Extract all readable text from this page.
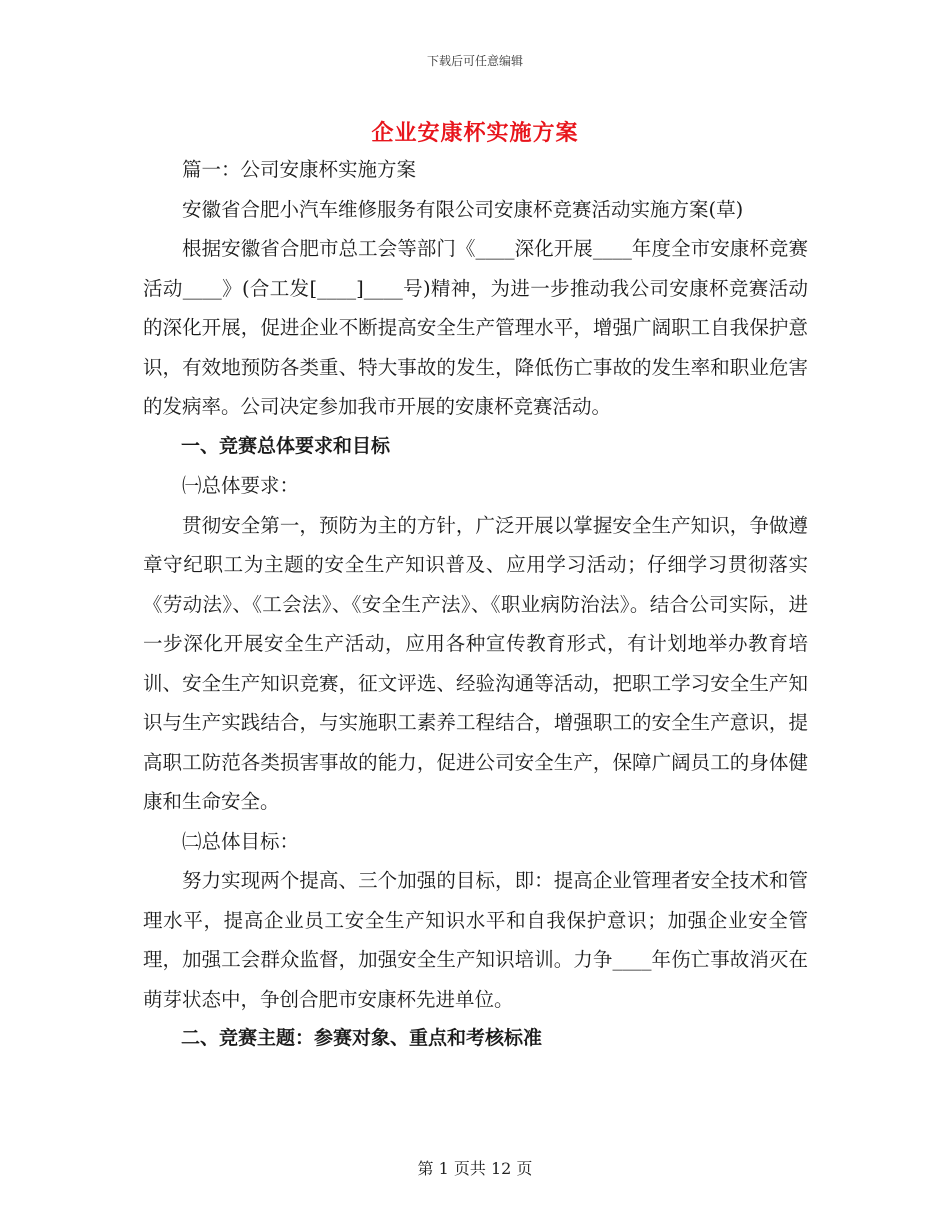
下载后可任意编辑
企业安康杯实施方案

篇一：公司安康杯实施方案

安徽省合肥小汽车维修服务有限公司安康杯竞赛活动实施方案(草)

根据安徽省合肥市总工会等部门《____深化开展____年度全市安康杯竞赛活动____》(合工发[____]____号)精神，为进一步推动我公司安康杯竞赛活动的深化开展，促进企业不断提高安全生产管理水平，增强广阔职工自我保护意识，有效地预防各类重、特大事故的发生，降低伤亡事故的发生率和职业危害的发病率。公司决定参加我市开展的安康杯竞赛活动。

一、竞赛总体要求和目标

㈠总体要求：

贯彻安全第一，预防为主的方针，广泛开展以掌握安全生产知识，争做遵章守纪职工为主题的安全生产知识普及、应用学习活动；仔细学习贯彻落实《劳动法》、《工会法》、《安全生产法》、《职业病防治法》。结合公司实际，进一步深化开展安全生产活动，应用各种宣传教育形式，有计划地举办教育培训、安全生产知识竞赛，征文评选、经验沟通等活动，把职工学习安全生产知识与生产实践结合，与实施职工素养工程结合，增强职工的安全生产意识，提高职工防范各类损害事故的能力，促进公司安全生产，保障广阔员工的身体健康和生命安全。

㈡总体目标：

努力实现两个提高、三个加强的目标，即：提高企业管理者安全技术和管理水平，提高企业员工安全生产知识水平和自我保护意识；加强企业安全管理，加强工会群众监督，加强安全生产知识培训。力争____年伤亡事故消灭在萌芽状态中，争创合肥市安康杯先进单位。

二、竞赛主题：参赛对象、重点和考核标准

第 1 页共 12 页
